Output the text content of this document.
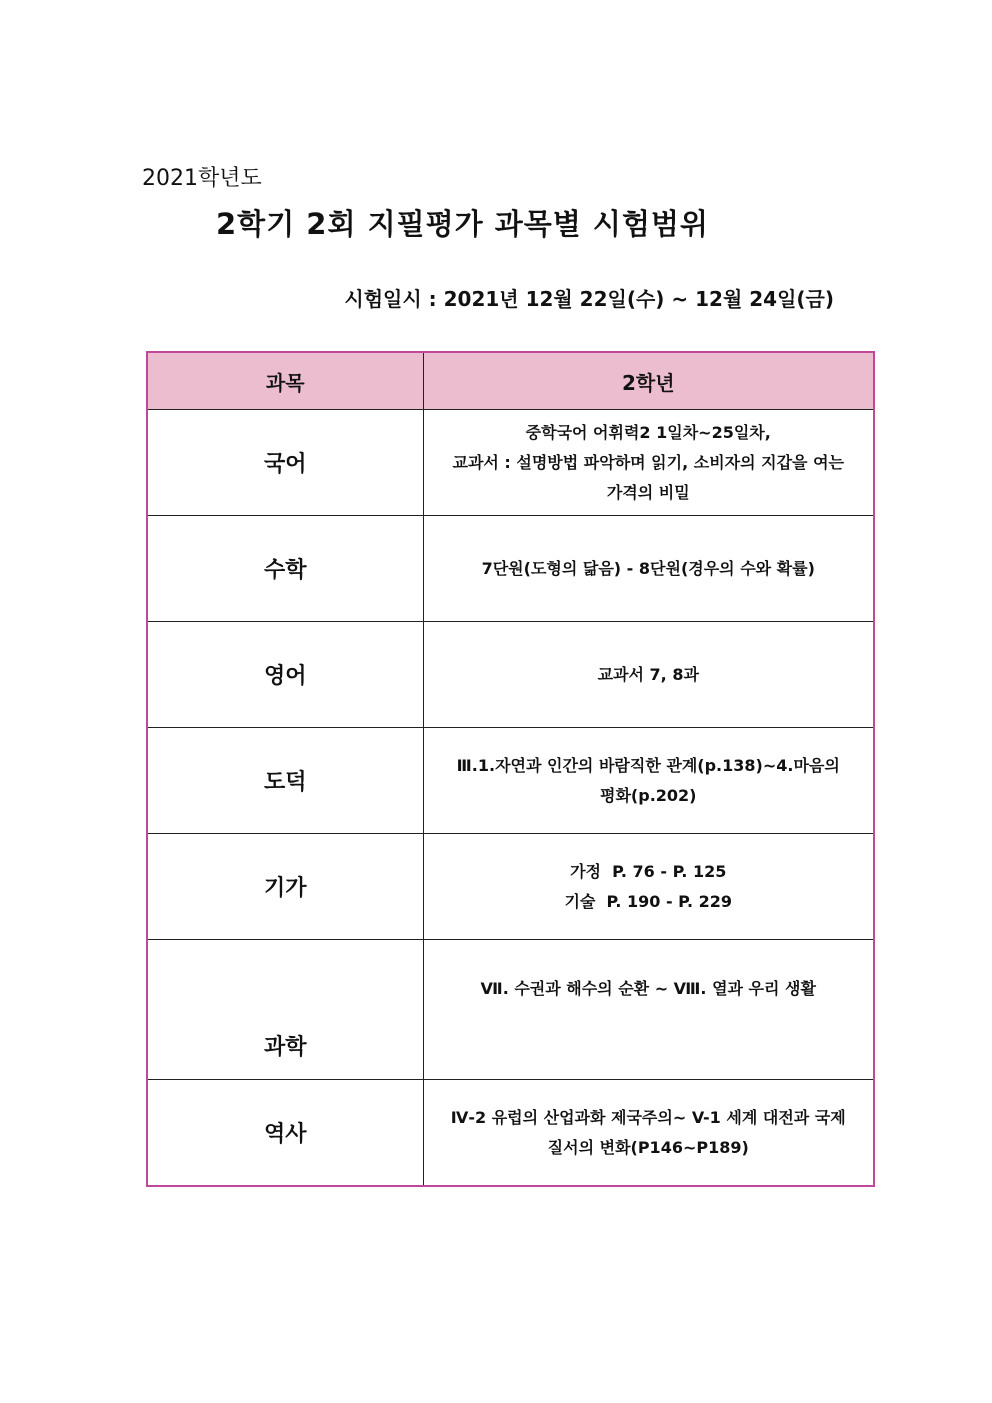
2021학년도
2학기 2회 지필평가 과목별 시험범위
시험일시 : 2021년 12월 22일(수) ~ 12월 24일(금)
과목	2학년
국어	중학국어 어휘력2 1일차~25일차,
교과서 : 설명방법 파악하며 읽기, 소비자의 지갑을 여는
가격의 비밀

수학	7단원(도형의 닮음) - 8단원(경우의 수와 확률)

영어	교과서 7, 8과

도덕	Ⅲ.1.자연과 인간의 바람직한 관계(p.138)~4.마음의
평화(p.202)

기가	가정  P. 76 - P. 125
기술  P. 190 - P. 229

과학	Ⅶ. 수권과 해수의 순환 ~ Ⅷ. 열과 우리 생활

역사	Ⅳ-2 유럽의 산업과화 제국주의~ V-1 세계 대전과 국제
질서의 변화(P146~P189)
